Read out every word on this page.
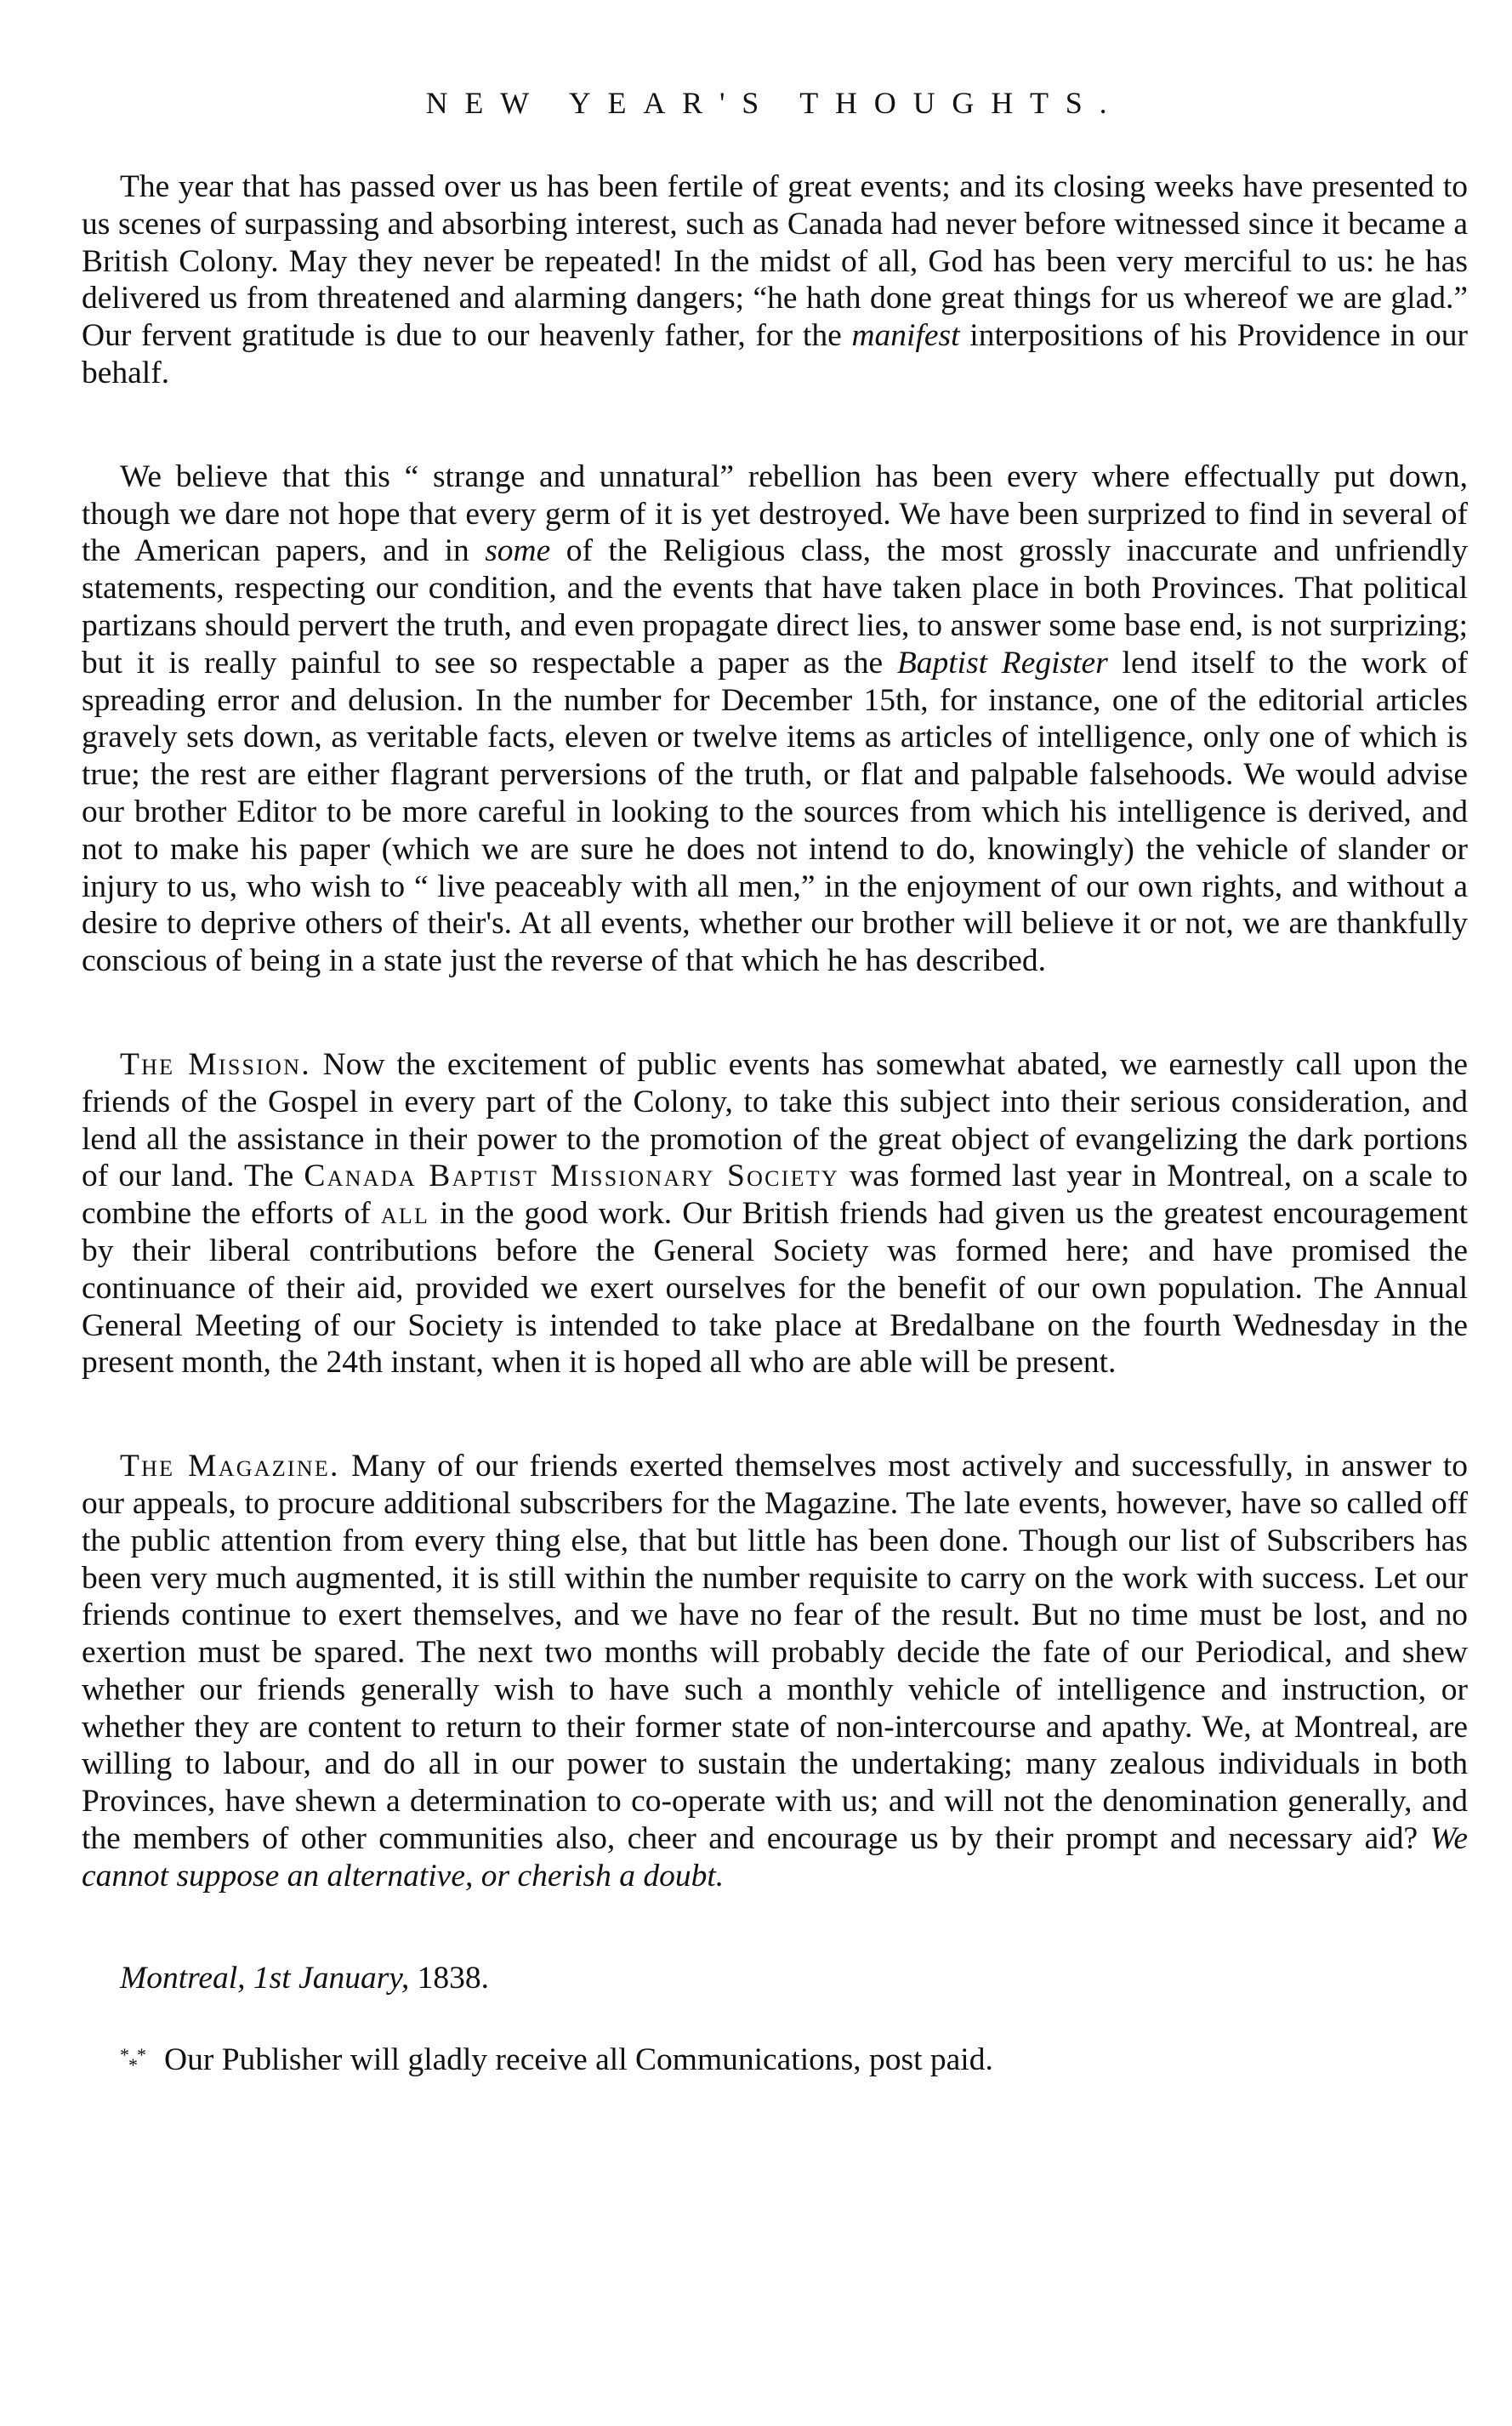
NEW YEAR'S THOUGHTS.

The year that has passed over us has been fertile of great events; and its closing weeks have presented to us scenes of surpassing and absorbing interest, such as Canada had never before witnessed since it became a British Colony. May they never be repeated! In the midst of all, God has been very merciful to us: he has delivered us from threatened and alarming dangers; “he hath done great things for us whereof we are glad.” Our fervent gratitude is due to our heavenly father, for the manifest interpositions of his Providence in our behalf.

We believe that this “ strange and unnatural” rebellion has been every where effectually put down, though we dare not hope that every germ of it is yet destroyed. We have been surprized to find in several of the American papers, and in some of the Religious class, the most grossly inaccurate and unfriendly statements, respecting our condition, and the events that have taken place in both Provinces. That political partizans should pervert the truth, and even propagate direct lies, to answer some base end, is not surprizing; but it is really painful to see so respectable a paper as the Baptist Register lend itself to the work of spreading error and delusion. In the number for December 15th, for instance, one of the editorial articles gravely sets down, as veritable facts, eleven or twelve items as articles of intelligence, only one of which is true; the rest are either flagrant perversions of the truth, or flat and palpable falsehoods. We would advise our brother Editor to be more careful in looking to the sources from which his intelligence is derived, and not to make his paper (which we are sure he does not intend to do, knowingly) the vehicle of slander or injury to us, who wish to “ live peaceably with all men,” in the enjoyment of our own rights, and without a desire to deprive others of their's. At all events, whether our brother will believe it or not, we are thankfully conscious of being in a state just the reverse of that which he has described.

The Mission. Now the excitement of public events has somewhat abated, we earnestly call upon the friends of the Gospel in every part of the Colony, to take this subject into their serious consideration, and lend all the assistance in their power to the promotion of the great object of evangelizing the dark portions of our land. The Canada Baptist Missionary Society was formed last year in Montreal, on a scale to combine the efforts of all in the good work. Our British friends had given us the greatest encouragement by their liberal contributions before the General Society was formed here; and have promised the continuance of their aid, provided we exert ourselves for the benefit of our own population. The Annual General Meeting of our Society is intended to take place at Bredalbane on the fourth Wednesday in the present month, the 24th instant, when it is hoped all who are able will be present.

The Magazine. Many of our friends exerted themselves most actively and successfully, in answer to our appeals, to procure additional subscribers for the Magazine. The late events, however, have so called off the public attention from every thing else, that but little has been done. Though our list of Subscribers has been very much augmented, it is still within the number requisite to carry on the work with success. Let our friends continue to exert themselves, and we have no fear of the result. But no time must be lost, and no exertion must be spared. The next two months will probably decide the fate of our Periodical, and shew whether our friends generally wish to have such a monthly vehicle of intelligence and instruction, or whether they are content to return to their former state of non-intercourse and apathy. We, at Montreal, are willing to labour, and do all in our power to sustain the undertaking; many zealous individuals in both Provinces, have shewn a determination to co-operate with us; and will not the denomination generally, and the members of other communities also, cheer and encourage us by their prompt and necessary aid? We cannot suppose an alternative, or cherish a doubt.

Montreal, 1st January, 1838.
* *
* Our Publisher will gladly receive all Communications, post paid.
